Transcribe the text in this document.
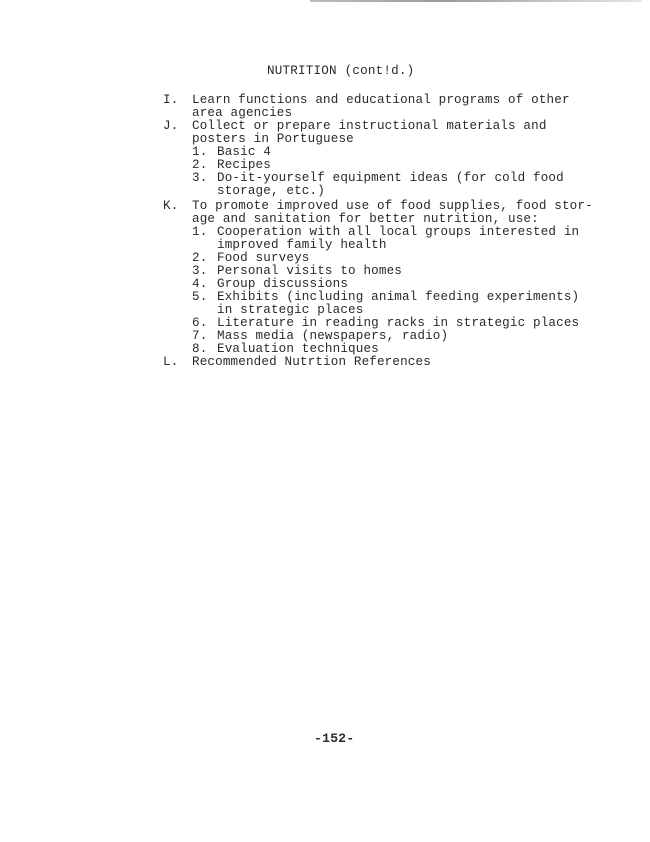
NUTRITION (cont!d.)
I. Learn functions and educational programs of other
area agencies
J. Collect or prepare instructional materials and
posters in Portuguese
1. Basic 4
2. Recipes
3. Do-it-yourself equipment ideas (for cold food
storage, etc.)
K. To promote improved use of food supplies, food stor-
age and sanitation for better nutrition, use:
1. Cooperation with all local groups interested in
improved family health
2. Food surveys
3. Personal visits to homes
4. Group discussions
5. Exhibits (including animal feeding experiments)
in strategic places
6. Literature in reading racks in strategic places
7. Mass media (newspapers, radio)
8. Evaluation techniques
L. Recommended Nutrtion References
-152-
